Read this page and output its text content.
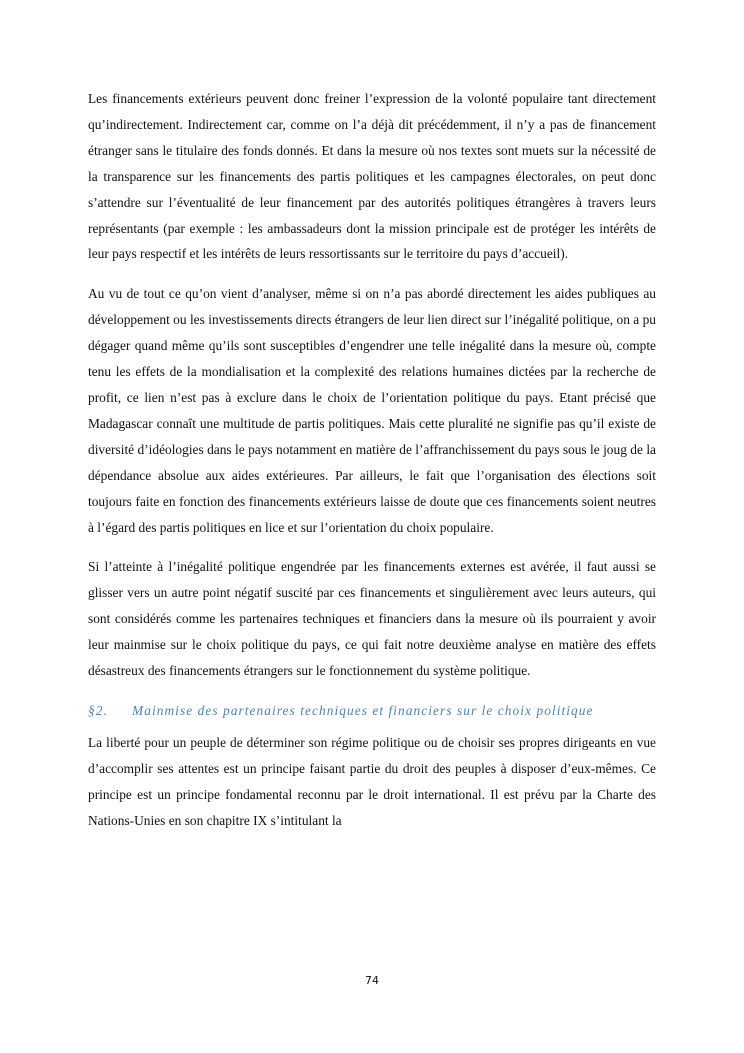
Les financements extérieurs peuvent donc freiner l’expression de la volonté populaire tant directement qu’indirectement. Indirectement car, comme on l’a déjà dit précédemment, il n’y a pas de financement étranger sans le titulaire des fonds donnés. Et dans la mesure où nos textes sont muets sur la nécessité de la transparence sur les financements des partis politiques et les campagnes électorales, on peut donc s’attendre sur l’éventualité de leur financement par des autorités politiques étrangères à travers leurs représentants (par exemple : les ambassadeurs dont la mission principale est de protéger les intérêts de leur pays respectif et les intérêts de leurs ressortissants sur le territoire du pays d’accueil).

Au vu de tout ce qu’on vient d’analyser, même si on n’a pas abordé directement les aides publiques au développement ou les investissements directs étrangers de leur lien direct sur l’inégalité politique, on a pu dégager quand même qu’ils sont susceptibles d’engendrer une telle inégalité dans la mesure où, compte tenu les effets de la mondialisation et la complexité des relations humaines dictées par la recherche de profit, ce lien n’est pas à exclure dans le choix de l’orientation politique du pays. Etant précisé que Madagascar connaît une multitude de partis politiques. Mais cette pluralité ne signifie pas qu’il existe de diversité d’idéologies dans le pays notamment en matière de l’affranchissement du pays sous le joug de la dépendance absolue aux aides extérieures. Par ailleurs, le fait que l’organisation des élections soit toujours faite en fonction des financements extérieurs laisse de doute que ces financements soient neutres à l’égard des partis politiques en lice et sur l’orientation du choix populaire.

Si l’atteinte à l’inégalité politique engendrée par les financements externes est avérée, il faut aussi se glisser vers un autre point négatif suscité par ces financements et singulièrement avec leurs auteurs, qui sont considérés comme les partenaires techniques et financiers dans la mesure où ils pourraient y avoir leur mainmise sur le choix politique du pays, ce qui fait notre deuxième analyse en matière des effets désastreux des financements étrangers sur le fonctionnement du système politique.

§2. Mainmise des partenaires techniques et financiers sur le choix politique

La liberté pour un peuple de déterminer son régime politique ou de choisir ses propres dirigeants en vue d’accomplir ses attentes est un principe faisant partie du droit des peuples à disposer d’eux-mêmes. Ce principe est un principe fondamental reconnu par le droit international. Il est prévu par la Charte des Nations-Unies en son chapitre IX s’intitulant la

74
